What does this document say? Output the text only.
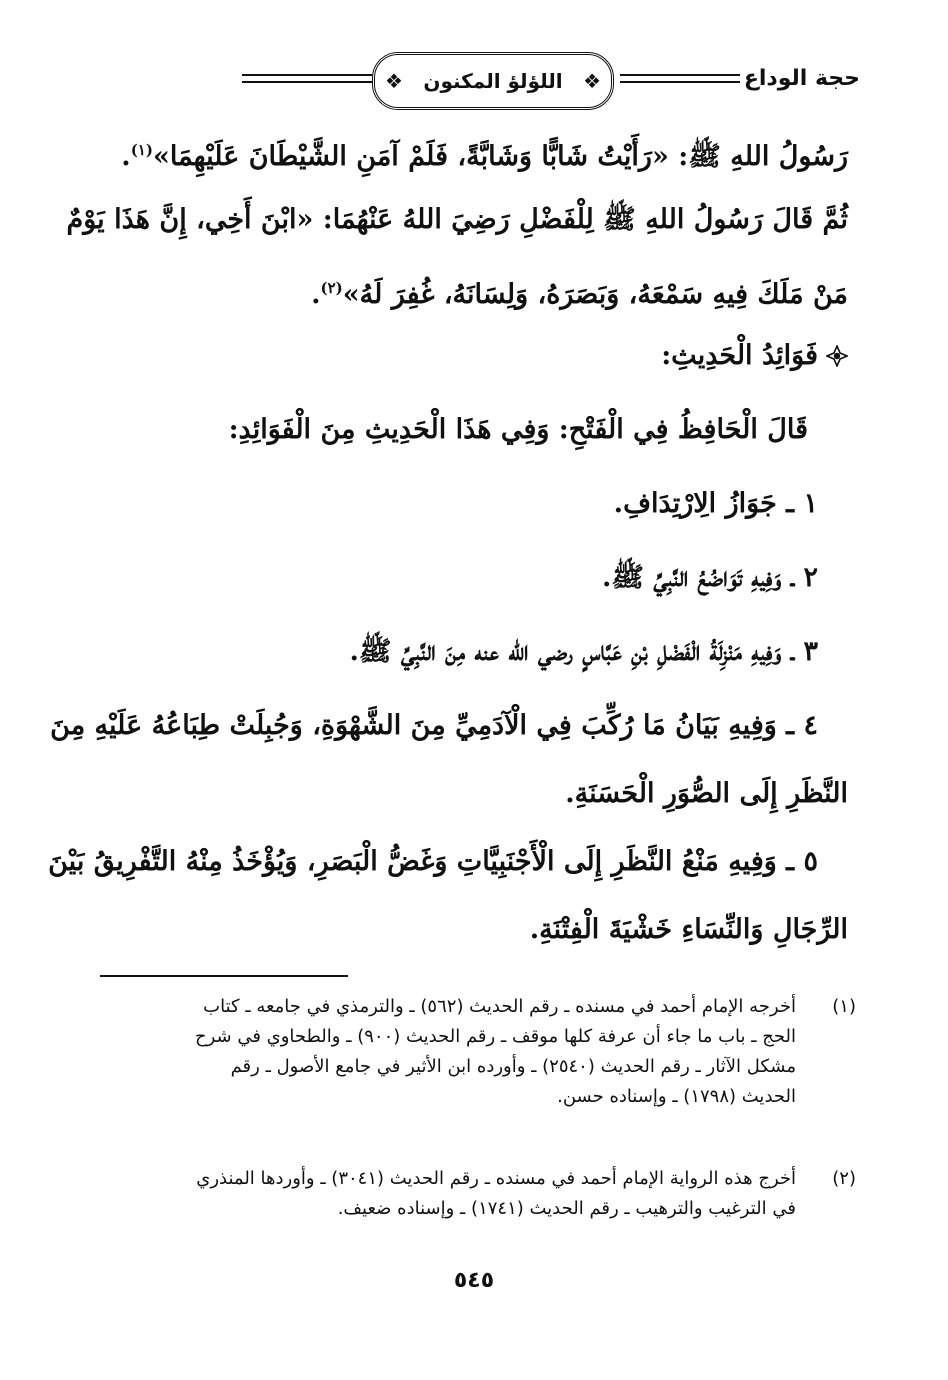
حجة الوداع
❖
اللؤلؤ المكنون
❖
رَسُولُ اللهِ ﷺ: «رَأَيْتُ شَابًّا وَشَابَّةً، فَلَمْ آمَنِ الشَّيْطَانَ عَلَيْهِمَا»$^{(١)}$.
ثُمَّ قَالَ رَسُولُ اللهِ ﷺ لِلْفَضْلِ رَضِيَ اللهُ عَنْهُمَا: «ابْنَ أَخِي، إِنَّ هَذَا يَوْمٌ
مَنْ مَلَكَ فِيهِ سَمْعَهُ، وَبَصَرَهُ، وَلِسَانَهُ، غُفِرَ لَهُ»$^{(٢)}$.
فَوَائِدُ الْحَدِيثِ:
قَالَ الْحَافِظُ فِي الْفَتْحِ: وَفِي هَذَا الْحَدِيثِ مِنَ الْفَوَائِدِ:
١ ـ جَوَازُ الِارْتِدَافِ.
٢ ـ وَفِيهِ تَوَاضُعُ النَّبِيِّ ﷺ.
٣ ـ وَفِيهِ مَنْزِلَةُ الْفَضْلِ بْنِ عَبَّاسٍ رضي الله عنه مِنَ النَّبِيِّ ﷺ.
٤ ـ وَفِيهِ بَيَانُ مَا رُكِّبَ فِي الْآدَمِيِّ مِنَ الشَّهْوَةِ، وَجُبِلَتْ طِبَاعُهُ عَلَيْهِ مِنَ
النَّظَرِ إِلَى الصُّوَرِ الْحَسَنَةِ.
٥ ـ وَفِيهِ مَنْعُ النَّظَرِ إِلَى الْأَجْنَبِيَّاتِ وَغَضُّ الْبَصَرِ، وَيُؤْخَذُ مِنْهُ التَّفْرِيقُ بَيْنَ
الرِّجَالِ وَالنِّسَاءِ خَشْيَةَ الْفِتْنَةِ.
(١)
أخرجه الإمام أحمد في مسنده ـ رقم الحديث (٥٦٢) ـ والترمذي في جامعه ـ كتاب
الحج ـ باب ما جاء أن عرفة كلها موقف ـ رقم الحديث (٩٠٠) ـ والطحاوي في شرح
مشكل الآثار ـ رقم الحديث (٢٥٤٠) ـ وأورده ابن الأثير في جامع الأصول ـ رقم
الحديث (١٧٩٨) ـ وإسناده حسن.
(٢)
أخرج هذه الرواية الإمام أحمد في مسنده ـ رقم الحديث (٣٠٤١) ـ وأوردها المنذري
في الترغيب والترهيب ـ رقم الحديث (١٧٤١) ـ وإسناده ضعيف.
٥٤٥
